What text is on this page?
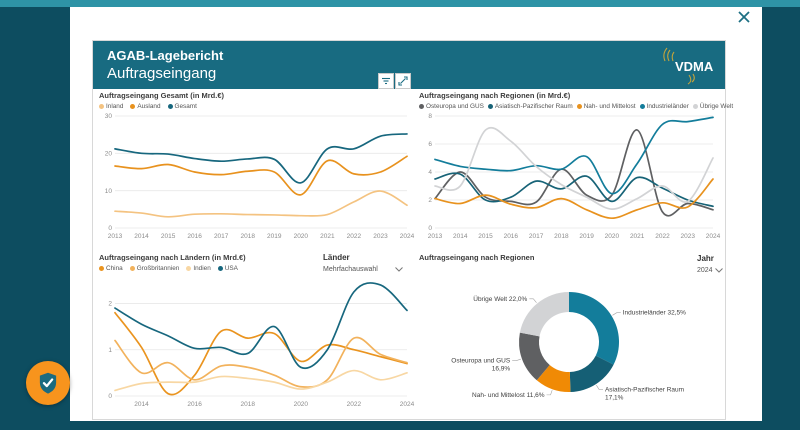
AGAB-Lagebericht
Auftragseingang	VDMA
Auftragseingang Gesamt (in Mrd.€)
Inland Ausland Gesamt
0
10
20
30
2013 2014 2015 2016 2017 2018 2019 2020 2021 2022 2023 2024
Auftragseingang nach Regionen (in Mrd.€)
Osteuropa und GUS Asiatisch-Pazifischer Raum Nah- und Mittelost Industrieländer Übrige Welt
0
2
4
6
8
2013 2014 2015 2016 2017 2018 2019 2020 2021 2022 2023 2024
Auftragseingang nach Ländern (in Mrd.€)
China Großbritannien Indien USA
0
1
2
2014	2016	2018	2020	2022	2024
Länder
Mehrfachauswahl
Jahr
2024
Auftragseingang nach Regionen
Industrieländer 32,5%
Asiatisch-Pazifischer Raum 17,1%
Nah- und Mittelost 11,6%
Osteuropa und GUS 16,9%
Übrige Welt 22,0%
